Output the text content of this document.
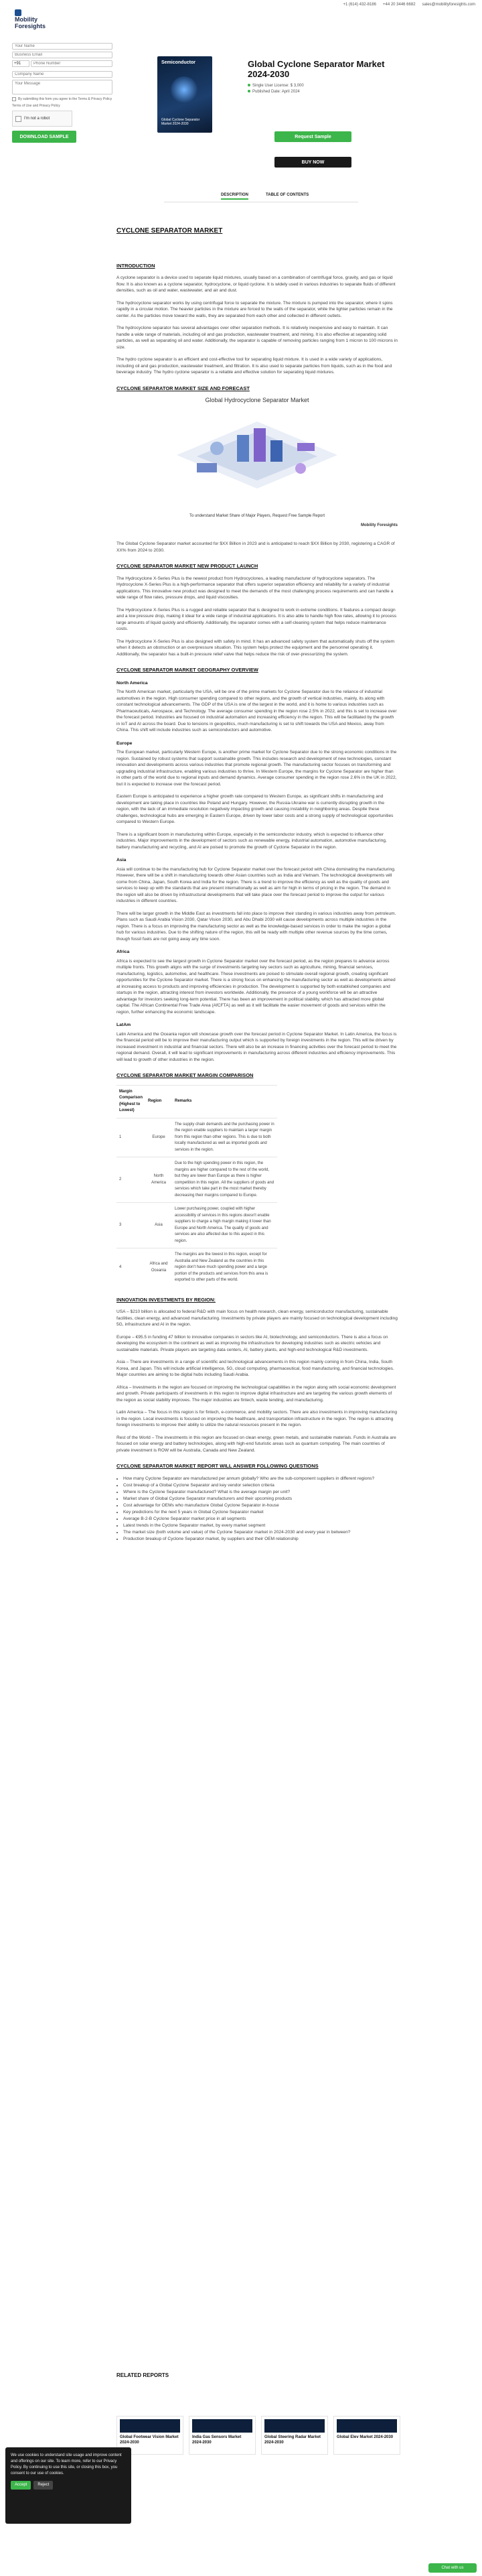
Mobility
Foresights
+1 (614) 432-8186 +44 20 3446 6682 sales@mobilityforesights.com
Your Name
Business Email
+91
Phone Number
Company Name
Your Message
By submitting this form you agree to the Terms & Privacy Policy
Terms of Use and Privacy Policy
I'm not a robot
DOWNLOAD SAMPLE
Semiconductor
Global Cyclone Separator Market 2024-2030
Global Cyclone Separator Market 2024-2030
Single User License: $ 3,000
Published Date: April 2024
Request Sample
BUY NOW
DESCRIPTION	TABLE OF CONTENTS
CYCLONE SEPARATOR MARKET
INTRODUCTION

A cyclone separator is a device used to separate liquid mixtures, usually based on a combination of centrifugal force, gravity, and gas or liquid flow. It is also known as a cyclone separator, hydrocyclone, or liquid cyclone. It is widely used in various industries to separate fluids of different densities, such as oil and water, wastewater, and air and dust.

The hydrocyclone separator works by using centrifugal force to separate the mixture. The mixture is pumped into the separator, where it spins rapidly in a circular motion. The heavier particles in the mixture are forced to the walls of the separator, while the lighter particles remain in the center. As the particles move toward the walls, they are separated from each other and collected in different outlets.

The hydrocyclone separator has several advantages over other separation methods. It is relatively inexpensive and easy to maintain. It can handle a wide range of materials, including oil and gas production, wastewater treatment, and mining. It is also effective at separating solid particles, as well as separating oil and water. Additionally, the separator is capable of removing particles ranging from 1 micron to 100 microns in size.

The hydro cyclone separator is an efficient and cost-effective tool for separating liquid mixture. It is used in a wide variety of applications, including oil and gas production, wastewater treatment, and filtration. It is also used to separate particles from liquids, such as in the food and beverage industry. The hydro cyclone separator is a reliable and effective solution for separating liquid mixtures.

CYCLONE SEPARATOR MARKET SIZE AND FORECAST
Global Hydrocyclone Separator Market
To understand Market Share of Major Players, Request Free Sample Report
Mobility Foresights

The Global Cyclone Separator market accounted for $XX Billion in 2023 and is anticipated to reach $XX Billion by 2030, registering a CAGR of XX% from 2024 to 2030.

CYCLONE SEPARATOR MARKET NEW PRODUCT LAUNCH

The Hydrocyclone X-Series Plus is the newest product from Hydrocyclones, a leading manufacturer of hydrocyclone separators. The Hydrocyclone X-Series Plus is a high-performance separator that offers superior separation efficiency and reliability for a variety of industrial applications. This innovative new product was designed to meet the demands of the most challenging process requirements and can handle a wide range of flow rates, pressure drops, and liquid viscosities.

The Hydrocyclone X-Series Plus is a rugged and reliable separator that is designed to work in extreme conditions. It features a compact design and a low pressure drop, making it ideal for a wide range of industrial applications. It is also able to handle high flow rates, allowing it to process large amounts of liquid quickly and efficiently. Additionally, the separator comes with a self-cleaning system that helps reduce maintenance costs.

The Hydrocyclone X-Series Plus is also designed with safety in mind. It has an advanced safety system that automatically shuts off the system when it detects an obstruction or an overpressure situation. This system helps protect the equipment and the personnel operating it. Additionally, the separator has a built-in pressure relief valve that helps reduce the risk of over-pressurizing the system.

CYCLONE SEPARATOR MARKET GEOGRAPHY OVERVIEW
North America

The North American market, particularly the USA, will be one of the prime markets for Cyclone Separator due to the reliance of industrial automotives in the region. High consumer spending compared to other regions, and the growth of vertical industries, mainly, its along with constant technological advancements. The GDP of the USA is one of the largest in the world, and it is home to various industries such as Pharmaceuticals, Aerospace, and Technology. The average consumer spending in the region rose 2.5% in 2022, and this is set to increase over the forecast period. Industries are focused on industrial automation and increasing efficiency in the region. This will be facilitated by the growth in IoT and AI across the board. Due to tensions in geopolitics, much manufacturing is set to shift towards the USA and Mexico, away from China. This shift will include industries such as semiconductors and automotive.

Europe

The European market, particularly Western Europe, is another prime market for Cyclone Separator due to the strong economic conditions in the region. Sustained by robust systems that support sustainable growth. This includes research and development of new technologies, constant innovation and developments across various industries that promote regional growth. The manufacturing sector focuses on transforming and upgrading industrial infrastructure, enabling various industries to thrive. In Western Europe, the margins for Cyclone Separator are higher than in other parts of the world due to regional inputs and demand dynamics. Average consumer spending in the region rose 2.6% in the UK in 2022, but it is expected to increase over the forecast period.

Eastern Europe is anticipated to experience a higher growth rate compared to Western Europe, as significant shifts in manufacturing and development are taking place in countries like Poland and Hungary. However, the Russia-Ukraine war is currently disrupting growth in the region, with the lack of an immediate resolution negatively impacting growth and causing instability in neighboring areas. Despite these challenges, technological hubs are emerging in Eastern Europe, driven by lower labor costs and a strong supply of technological opportunities compared to Western Europe.

There is a significant boom in manufacturing within Europe, especially in the semiconductor industry, which is expected to influence other industries. Major improvements in the development of sectors such as renewable energy, industrial automation, automotive manufacturing, battery manufacturing and recycling, and AI are poised to promote the growth of Cyclone Separator in the region.

Asia

Asia will continue to be the manufacturing hub for Cyclone Separator market over the forecast period with China dominating the manufacturing. However, there will be a shift in manufacturing towards other Asian countries such as India and Vietnam. The technological developments will come from China, Japan, South Korea and India for the region. There is a trend to improve the efficiency as well as the quality of goods and services to keep up with the standards that are present internationally as well as aim for high in terms of pricing in the region. The demand in the region will also be driven by infrastructural developments that will take place over the forecast period to improve the output for various industries in different countries.

There will be larger growth in the Middle East as investments fall into place to improve their standing in various industries away from petroleum. Plans such as Saudi Arabia Vision 2030, Qatar Vision 2030, and Abu Dhabi 2030 will cause developments across multiple industries in the region. There is a focus on improving the manufacturing sector as well as the knowledge-based services in order to make the region a global hub for various industries. Due to the shifting nature of the region, this will be ready with multiple other revenue sources by the time comes, though fossil fuels are not going away any time soon.

Africa

Africa is expected to see the largest growth in Cyclone Separator market over the forecast period, as the region prepares to advance across multiple fronts. This growth aligns with the surge of investments targeting key sectors such as agriculture, mining, financial services, manufacturing, logistics, automotive, and healthcare. These investments are poised to stimulate overall regional growth, creating significant opportunities for the Cyclone Separator market. There is a strong focus on enhancing the manufacturing sector as well as developments aimed at increasing access to products and improving efficiencies in production. The development is supported by both established companies and startups in the region, attracting interest from investors worldwide. Additionally, the presence of a young workforce will be an attractive advantage for investors seeking long-term potential. There has been an improvement in political stability, which has attracted more global capital. The African Continental Free Trade Area (AfCFTA) as well as it will facilitate the easier movement of goods and services within the region, further enhancing the economic landscape.

LatAm

Latin America and the Oceania region will showcase growth over the forecast period in Cyclone Separator Market. In Latin America, the focus is the financial period will be to improve their manufacturing output which is supported by foreign investments in the region. This will be driven by increased investment in industrial and financial sectors. There will also be an increase in financing activities over the forecast period to meet the regional demand. Overall, it will lead to significant improvements in manufacturing across different industries and efficiency improvements. This will lead to growth of other industries in the region.

CYCLONE SEPARATOR MARKET MARGIN COMPARISON
Margin Comparison (Highest to Lowest)	Region	Remarks
1	Europe	The supply chain demands and the purchasing power in the region enable suppliers to maintain a larger margin from this region than other regions. This is due to both locally manufactured as well as imported goods and services in the region.
2	North America	Due to the high spending power in this region, the margins are higher compared to the rest of the world, but they are lower than Europe as there is higher competition in this region. All the suppliers of goods and services which take part in the most market thereby decreasing their margins compared to Europe.
3	Asia	Lower purchasing power, coupled with higher accessibility of services in this regions doesn't enable suppliers to charge a high margin making it lower than Europe and North America. The quality of goods and services are also affected due to this aspect in this region.
4	Africa and Oceania	The margins are the lowest in this region, except for Australia and New Zealand as the countries in this region don't have much spending power and a large portion of the products and services from this area is exported to other parts of the world.
INNOVATION INVESTMENTS BY REGION:

USA – $210 billion is allocated to federal R&D with main focus on health research, clean energy, semiconductor manufacturing, sustainable facilities, clean energy, and advanced manufacturing. Investments by private players are mainly focused on technological development including 5G, infrastructure and AI in the region.

Europe – €95.5 in funding 47 billion to innovative companies in sectors like AI, biotechnology, and semiconductors. There is also a focus on developing the ecosystem in the continent as well as improving the infrastructure for developing industries such as electric vehicles and sustainable materials. Private players are targeting data centers, AI, battery plants, and high-end technological R&D investments.

Asia – There are investments in a range of scientific and technological advancements in this region mainly coming in from China, India, South Korea, and Japan. This will include artificial intelligence, 5G, cloud computing, pharmaceutical, food manufacturing, and financial technologies. Major countries are aiming to be digital hubs including Saudi Arabia.

Africa – Investments in the region are focused on improving the technological capabilities in the region along with social economic development and growth. Private participants of investments in this region to improve digital infrastructure and are targeting the various growth elements of the region as social stability improves. The major industries are fintech, waste tending, and manufacturing.

Latin America – The focus in this region is for fintech, e-commerce, and mobility sectors. There are also investments in improving manufacturing in the region. Local investments is focused on improving the healthcare, and transportation infrastructure in the region. The region is attracting foreign investments to improve their ability to utilize the natural resources present in the region.

Rest of the World – The investments in this region are focused on clean energy, green metals, and sustainable materials. Funds in Australia are focused on solar energy and battery technologies, along with high-end futuristic areas such as quantum computing. The main countries of private investment is ROW will be Australia, Canada and New Zealand.

CYCLONE SEPARATOR MARKET REPORT WILL ANSWER FOLLOWING QUESTIONS
• How many Cyclone Separator are manufactured per annum globally? Who are the sub-component suppliers in different regions?
• Cost breakup of a Global Cyclone Separator and key vendor selection criteria
• Where is the Cyclone Separator manufactured? What is the average margin per unit?
• Market share of Global Cyclone Separator manufacturers and their upcoming products
• Cost advantage for OEMs who manufacture Global Cyclone Separator in-house
• Key predictions for the next 5 years in Global Cyclone Separator market
• Average B-2-B Cyclone Separator market price in all segments
• Latest trends in the Cyclone Separator market, by every market segment
• The market size (both volume and value) of the Cyclone Separator market in 2024-2030 and every year in between?
• Production breakup of Cyclone Separator market, by suppliers and their OEM relationship
RELATED REPORTS
Global Footwear Vision Market 2024-2030
India Gas Sensors Market 2024-2030
Global Steering Radar Market 2024-2030
Global Elev Market 2024-2030
We use cookies to understand site usage and improve content and offerings on our site. To learn more, refer to our Privacy Policy. By continuing to use this site, or closing this box, you consent to our use of cookies.
Accept	Reject
Chat with us
